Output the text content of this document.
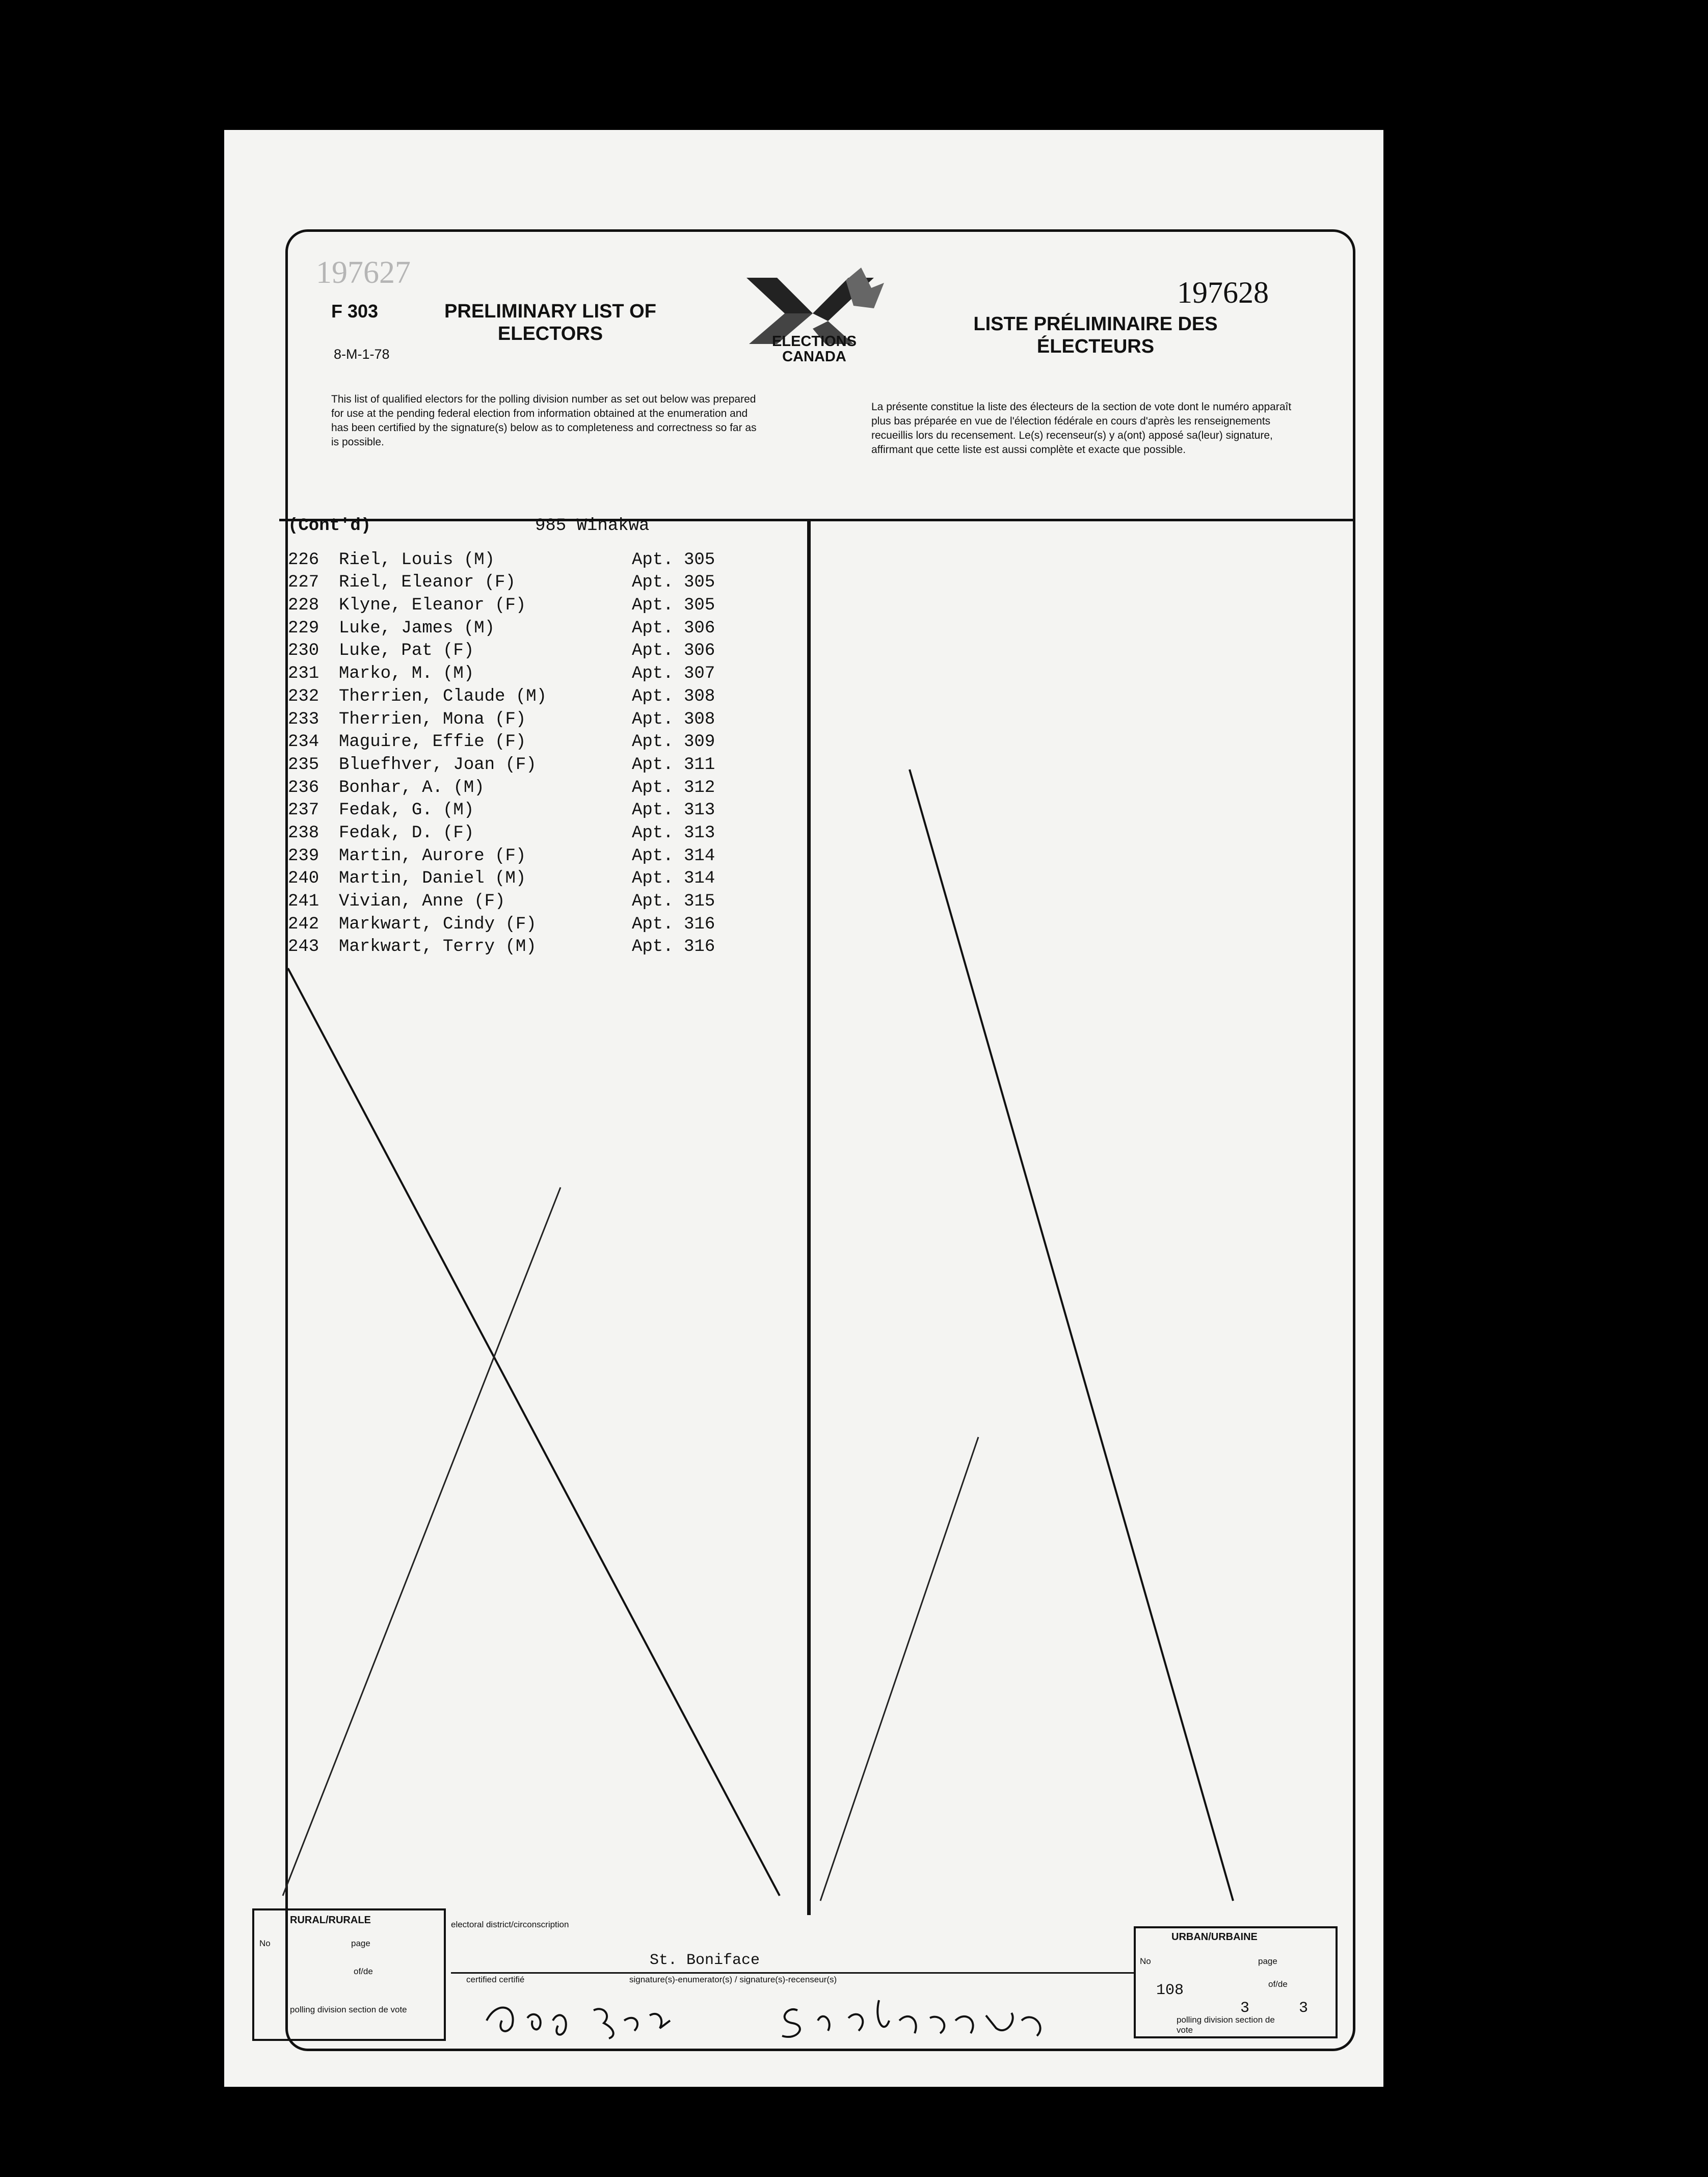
197627
F 303
8-M-1-78
PRELIMINARY LIST OF ELECTORS	ELECTIONS CANADA
197628
LISTE PRÉLIMINAIRE DES ÉLECTEURS
This list of qualified electors for the polling division number as set out below was prepared for use at the pending federal election from information obtained at the enumeration and has been certified by the signature(s) below as to completeness and correctness so far as is possible.
La présente constitue la liste des électeurs de la section de vote dont le numéro apparaît plus bas préparée en vue de l'élection fédérale en cours d'après les renseignements recueillis lors du recensement. Le(s) recenseur(s) y a(ont) apposé sa(leur) signature, affirmant que cette liste est aussi complète et exacte que possible.
(Cont'd)	985 Winakwa
226 Riel, Louis (M)	Apt. 305
227 Riel, Eleanor (F)	Apt. 305
228 Klyne, Eleanor (F)	Apt. 305
229 Luke, James (M)	Apt. 306
230 Luke, Pat (F)	Apt. 306
231 Marko, M. (M)	Apt. 307
232 Therrien, Claude (M)	Apt. 308
233 Therrien, Mona (F)	Apt. 308
234 Maguire, Effie (F)	Apt. 309
235 Bluefhver, Joan (F)	Apt. 311
236 Bonhar, A. (M)	Apt. 312
237 Fedak, G. (M)	Apt. 313
238 Fedak, D. (F)	Apt. 313
239 Martin, Aurore (F)	Apt. 314
240 Martin, Daniel (M)	Apt. 314
241 Vivian, Anne (F)	Apt. 315
242 Markwart, Cindy (F)	Apt. 316
243 Markwart, Terry (M)	Apt. 316
RURAL/RURALE
No	page
of/de
polling division section de vote
electoral district/circonscription
St. Boniface
certified certifié	signature(s)-enumerator(s) / signature(s)-recenseur(s)
URBAN/URBAINE
No	page
108
3
of/de
3
polling division section de vote
